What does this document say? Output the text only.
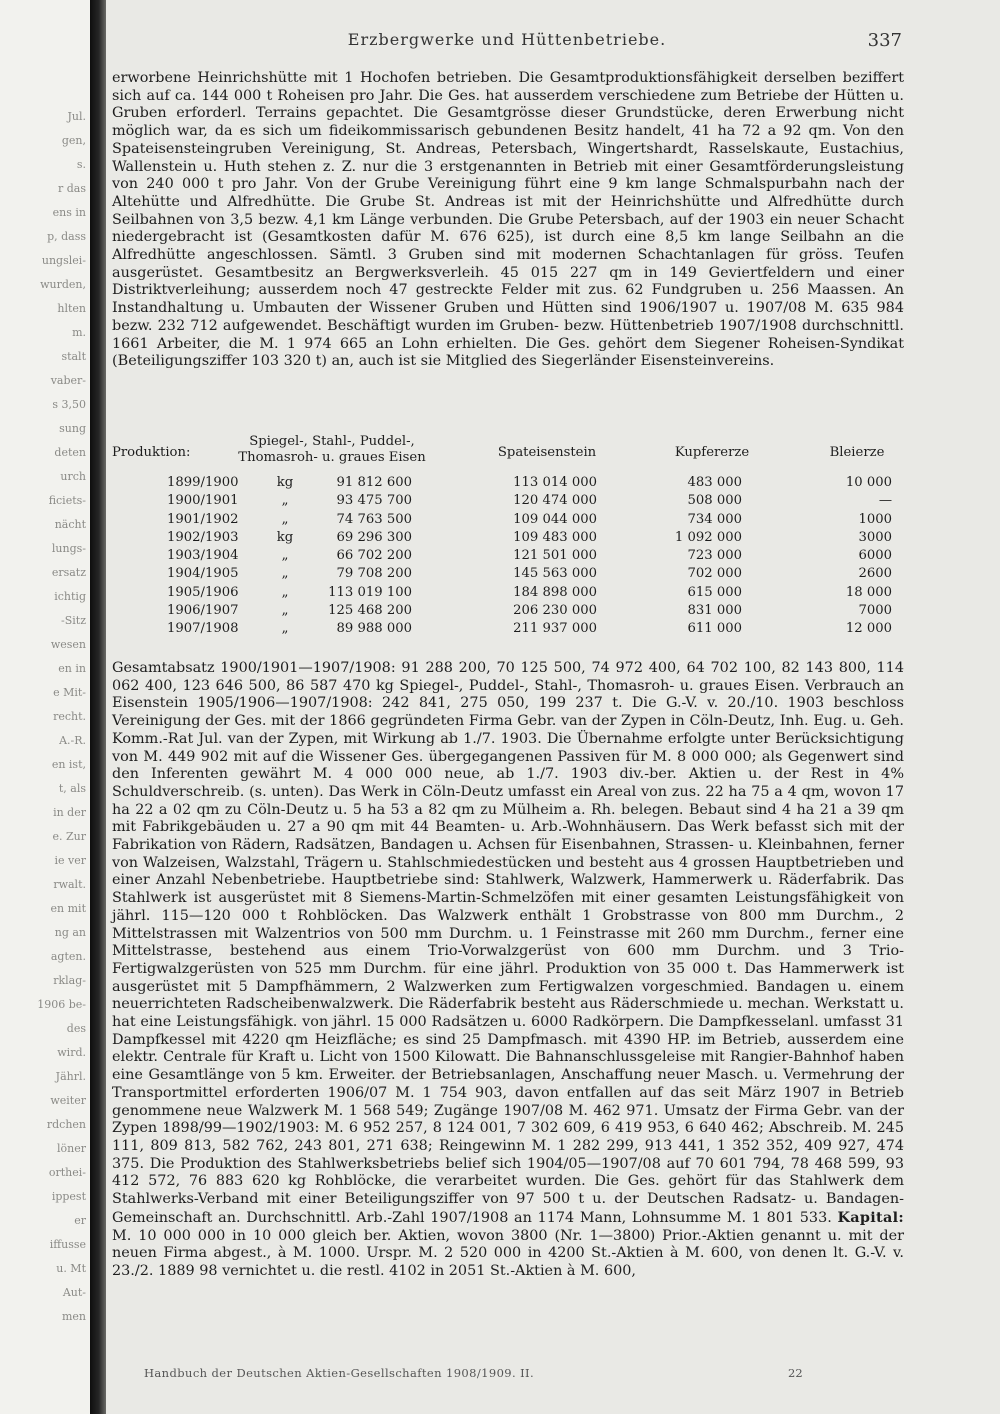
Jul.
gen,
s.
r das
ens in
p, dass
ungslei-
wurden,
hlten
m.
stalt
vaber-
s 3,50
sung
deten
urch
ficiets-
nächt
lungs-
ersatz
ichtig
-Sitz
wesen
en in
e Mit-
recht.
A.-R.
en ist,
t, als
in der
e. Zur
ie ver
rwalt.
en mit
ng an
agten.
rklag-
1906 be-
des
wird.
Jährl.
weiter
rdchen
löner
orthei-
ippest
er
iffusse
u. Mt
Aut-
men
Erzbergwerke und Hüttenbetriebe.	337
erworbene Heinrichshütte mit 1 Hochofen betrieben. Die Gesamtproduktionsfähigkeit derselben beziffert sich auf ca. 144 000 t Roheisen pro Jahr. Die Ges. hat ausserdem verschiedene zum Betriebe der Hütten u. Gruben erforderl. Terrains gepachtet. Die Gesamtgrösse dieser Grundstücke, deren Erwerbung nicht möglich war, da es sich um fideikommissarisch gebundenen Besitz handelt, 41 ha 72 a 92 qm. Von den Spateisensteingruben Vereinigung, St. Andreas, Petersbach, Wingertshardt, Rasselskaute, Eustachius, Wallenstein u. Huth stehen z. Z. nur die 3 erstgenannten in Betrieb mit einer Gesamtförderungsleistung von 240 000 t pro Jahr. Von der Grube Vereinigung führt eine 9 km lange Schmalspurbahn nach der Altehütte und Alfredhütte. Die Grube St. Andreas ist mit der Heinrichshütte und Alfredhütte durch Seilbahnen von 3,5 bezw. 4,1 km Länge verbunden. Die Grube Petersbach, auf der 1903 ein neuer Schacht niedergebracht ist (Gesamtkosten dafür M. 676 625), ist durch eine 8,5 km lange Seilbahn an die Alfredhütte angeschlossen. Sämtl. 3 Gruben sind mit modernen Schachtanlagen für gröss. Teufen ausgerüstet. Gesamtbesitz an Bergwerksverleih. 45 015 227 qm in 149 Geviertfeldern und einer Distriktverleihung; ausserdem noch 47 gestreckte Felder mit zus. 62 Fundgruben u. 256 Maassen. An Instandhaltung u. Umbauten der Wissener Gruben und Hütten sind 1906/1907 u. 1907/08 M. 635 984 bezw. 232 712 aufgewendet. Beschäftigt wurden im Gruben- bezw. Hüttenbetrieb 1907/1908 durchschnittl. 1661 Arbeiter, die M. 1 974 665 an Lohn erhielten. Die Ges. gehört dem Siegener Roheisen-Syndikat (Beteiligungsziffer 103 320 t) an, auch ist sie Mitglied des Siegerländer Eisensteinvereins.
Produktion:
Spiegel-, Stahl-, Puddel-, Thomasroh- u. graues Eisen	Spateisenstein	Kupfererze	Bleierze
1899/1900	kg	91 812 600	113 014 000	483 000	10 000
1900/1901	„	93 475 700	120 474 000	508 000	—
1901/1902	„	74 763 500	109 044 000	734 000	1000
1902/1903	kg	69 296 300	109 483 000	1 092 000	3000
1903/1904	„	66 702 200	121 501 000	723 000	6000
1904/1905	„	79 708 200	145 563 000	702 000	2600
1905/1906	„	113 019 100	184 898 000	615 000	18 000
1906/1907	„	125 468 200	206 230 000	831 000	7000
1907/1908	„	89 988 000	211 937 000	611 000	12 000
Gesamtabsatz 1900/1901—1907/1908: 91 288 200, 70 125 500, 74 972 400, 64 702 100, 82 143 800, 114 062 400, 123 646 500, 86 587 470 kg Spiegel-, Puddel-, Stahl-, Thomasroh- u. graues Eisen. Verbrauch an Eisenstein 1905/1906—1907/1908: 242 841, 275 050, 199 237 t. Die G.-V. v. 20./10. 1903 beschloss Vereinigung der Ges. mit der 1866 gegründeten Firma Gebr. van der Zypen in Cöln-Deutz, Inh. Eug. u. Geh. Komm.-Rat Jul. van der Zypen, mit Wirkung ab 1./7. 1903. Die Übernahme erfolgte unter Berücksichtigung von M. 449 902 mit auf die Wissener Ges. übergegangenen Passiven für M. 8 000 000; als Gegenwert sind den Inferenten gewährt M. 4 000 000 neue, ab 1./7. 1903 div.-ber. Aktien u. der Rest in 4% Schuldverschreib. (s. unten). Das Werk in Cöln-Deutz umfasst ein Areal von zus. 22 ha 75 a 4 qm, wovon 17 ha 22 a 02 qm zu Cöln-Deutz u. 5 ha 53 a 82 qm zu Mülheim a. Rh. belegen. Bebaut sind 4 ha 21 a 39 qm mit Fabrikgebäuden u. 27 a 90 qm mit 44 Beamten- u. Arb.-Wohnhäusern. Das Werk befasst sich mit der Fabrikation von Rädern, Radsätzen, Bandagen u. Achsen für Eisenbahnen, Strassen- u. Kleinbahnen, ferner von Walzeisen, Walzstahl, Trägern u. Stahlschmiedestücken und besteht aus 4 grossen Hauptbetrieben und einer Anzahl Nebenbetriebe. Hauptbetriebe sind: Stahlwerk, Walzwerk, Hammerwerk u. Räderfabrik. Das Stahlwerk ist ausgerüstet mit 8 Siemens-Martin-Schmelzöfen mit einer gesamten Leistungsfähigkeit von jährl. 115—120 000 t Rohblöcken. Das Walzwerk enthält 1 Grobstrasse von 800 mm Durchm., 2 Mittelstrassen mit Walzentrios von 500 mm Durchm. u. 1 Feinstrasse mit 260 mm Durchm., ferner eine Mittelstrasse, bestehend aus einem Trio-Vorwalzgerüst von 600 mm Durchm. und 3 Trio-Fertigwalzgerüsten von 525 mm Durchm. für eine jährl. Produktion von 35 000 t. Das Hammerwerk ist ausgerüstet mit 5 Dampfhämmern, 2 Walzwerken zum Fertigwalzen vorgeschmied. Bandagen u. einem neuerrichteten Radscheibenwalzwerk. Die Räderfabrik besteht aus Räderschmiede u. mechan. Werkstatt u. hat eine Leistungsfähigk. von jährl. 15 000 Radsätzen u. 6000 Radkörpern. Die Dampfkesselanl. umfasst 31 Dampfkessel mit 4220 qm Heizfläche; es sind 25 Dampfmasch. mit 4390 HP. im Betrieb, ausserdem eine elektr. Centrale für Kraft u. Licht von 1500 Kilowatt. Die Bahnanschlussgeleise mit Rangier-Bahnhof haben eine Gesamtlänge von 5 km. Erweiter. der Betriebsanlagen, Anschaffung neuer Masch. u. Vermehrung der Transportmittel erforderten 1906/07 M. 1 754 903, davon entfallen auf das seit März 1907 in Betrieb genommene neue Walzwerk M. 1 568 549; Zugänge 1907/08 M. 462 971. Umsatz der Firma Gebr. van der Zypen 1898/99—1902/1903: M. 6 952 257, 8 124 001, 7 302 609, 6 419 953, 6 640 462; Abschreib. M. 245 111, 809 813, 582 762, 243 801, 271 638; Reingewinn M. 1 282 299, 913 441, 1 352 352, 409 927, 474 375. Die Produktion des Stahlwerksbetriebs belief sich 1904/05—1907/08 auf 70 601 794, 78 468 599, 93 412 572, 76 883 620 kg Rohblöcke, die verarbeitet wurden. Die Ges. gehört für das Stahlwerk dem Stahlwerks-Verband mit einer Beteiligungsziffer von 97 500 t u. der Deutschen Radsatz- u. Bandagen-Gemeinschaft an. Durchschnittl. Arb.-Zahl 1907/1908 an 1174 Mann, Lohnsumme M. 1 801 533. Kapital: M. 10 000 000 in 10 000 gleich ber. Aktien, wovon 3800 (Nr. 1—3800) Prior.-Aktien genannt u. mit der neuen Firma abgest., à M. 1000. Urspr. M. 2 520 000 in 4200 St.-Aktien à M. 600, von denen lt. G.-V. v. 23./2. 1889 98 vernichtet u. die restl. 4102 in 2051 St.-Aktien à M. 600,
Handbuch der Deutschen Aktien-Gesellschaften 1908/1909. II.	22
